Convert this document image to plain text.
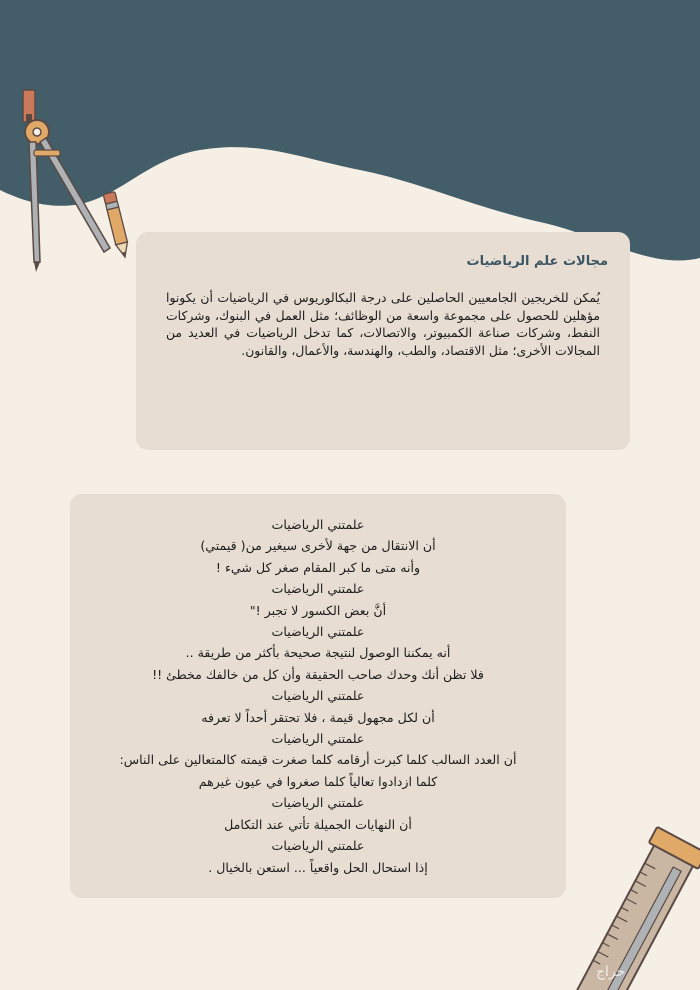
مجالات علم الرياضيات

يُمكن للخريجين الجامعيين الحاصلين على درجة البكالوريوس في الرياضيات أن يكونوا مؤهلين للحصول على مجموعة واسعة من الوظائف؛ مثل العمل في البنوك، وشركات النفط، وشركات صناعة الكمبيوتر، والاتصالات، كما تدخل الرياضيات في العديد من المجالات الأخرى؛ مثل الاقتصاد، والطب، والهندسة، والأعمال، والقانون.

علمتني الرياضيات
أن الانتقال من جهة لأخرى سيغير من( قيمتي)
وأنه متى ما كبر المقام صغر كل شيء !
علمتني الرياضيات
أنَّ بعض الكسور لا تجبر !"
علمتني الرياضيات
أنه يمكننا الوصول لنتيجة صحيحة بأكثر من طريقة ..
فلا تظن أنك وحدك صاحب الحقيقة وأن كل من خالفك مخطئ !!
علمتني الرياضيات
أن لكل مجهول قيمة ، فلا تحتقر أحداً لا تعرفه
علمتني الرياضيات
أن العدد السالب كلما كبرت أرقامه كلما صغرت قيمته كالمتعالين على الناس:
كلما ازدادوا تعالياً كلما صغروا في عيون غيرهم
علمتني الرياضيات
أن النهايات الجميلة تأتي عند التكامل
علمتني الرياضيات
إذا استحال الحل واقعياً ... استعن بالخيال .
حراج
